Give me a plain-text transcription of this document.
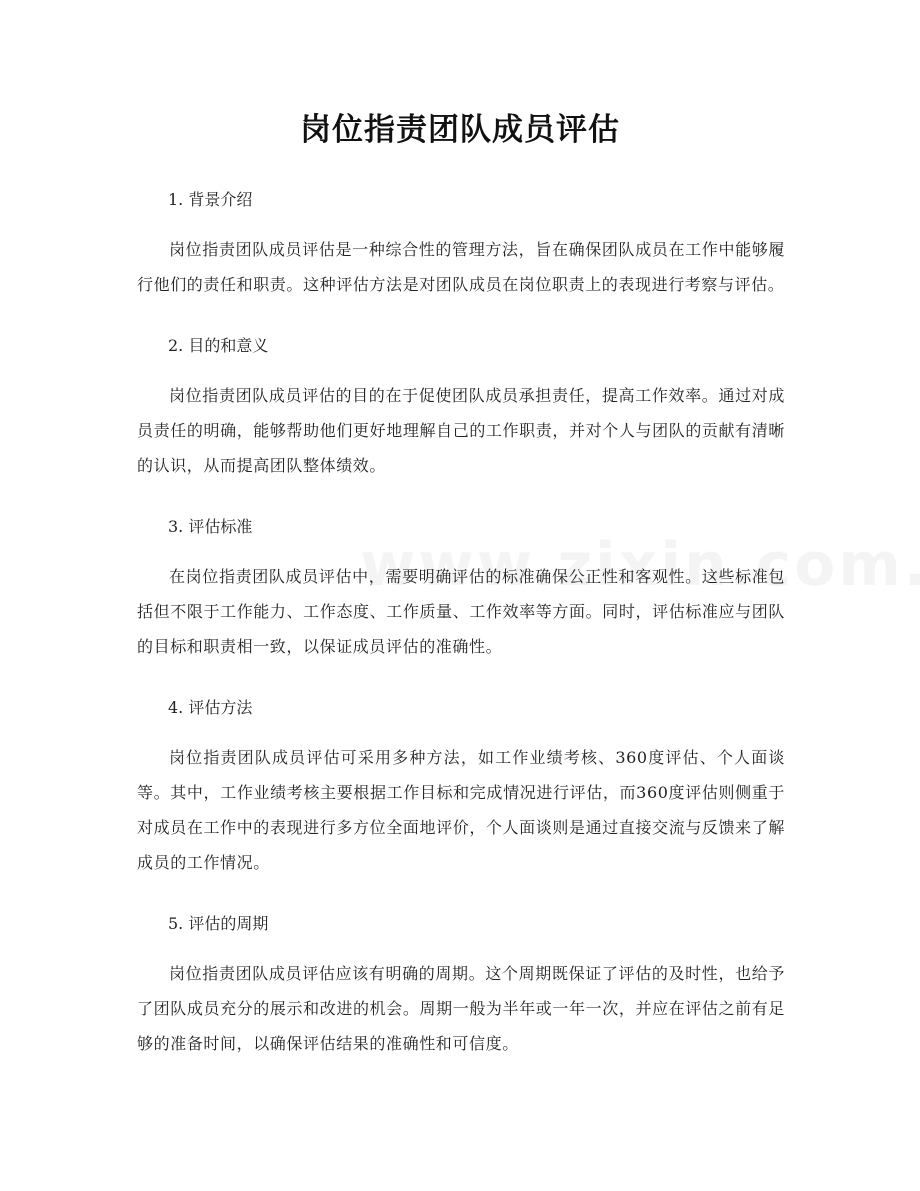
岗位指责团队成员评估

1. 背景介绍

岗位指责团队成员评估是一种综合性的管理方法，旨在确保团队成员在工作中能够履行他们的责任和职责。这种评估方法是对团队成员在岗位职责上的表现进行考察与评估。

2. 目的和意义

岗位指责团队成员评估的目的在于促使团队成员承担责任，提高工作效率。通过对成员责任的明确，能够帮助他们更好地理解自己的工作职责，并对个人与团队的贡献有清晰的认识，从而提高团队整体绩效。

3. 评估标准

在岗位指责团队成员评估中，需要明确评估的标准确保公正性和客观性。这些标准包括但不限于工作能力、工作态度、工作质量、工作效率等方面。同时，评估标准应与团队的目标和职责相一致，以保证成员评估的准确性。

4. 评估方法

岗位指责团队成员评估可采用多种方法，如工作业绩考核、360度评估、个人面谈等。其中，工作业绩考核主要根据工作目标和完成情况进行评估，而360度评估则侧重于对成员在工作中的表现进行多方位全面地评价，个人面谈则是通过直接交流与反馈来了解成员的工作情况。

5. 评估的周期

岗位指责团队成员评估应该有明确的周期。这个周期既保证了评估的及时性，也给予了团队成员充分的展示和改进的机会。周期一般为半年或一年一次，并应在评估之前有足够的准备时间，以确保评估结果的准确性和可信度。
